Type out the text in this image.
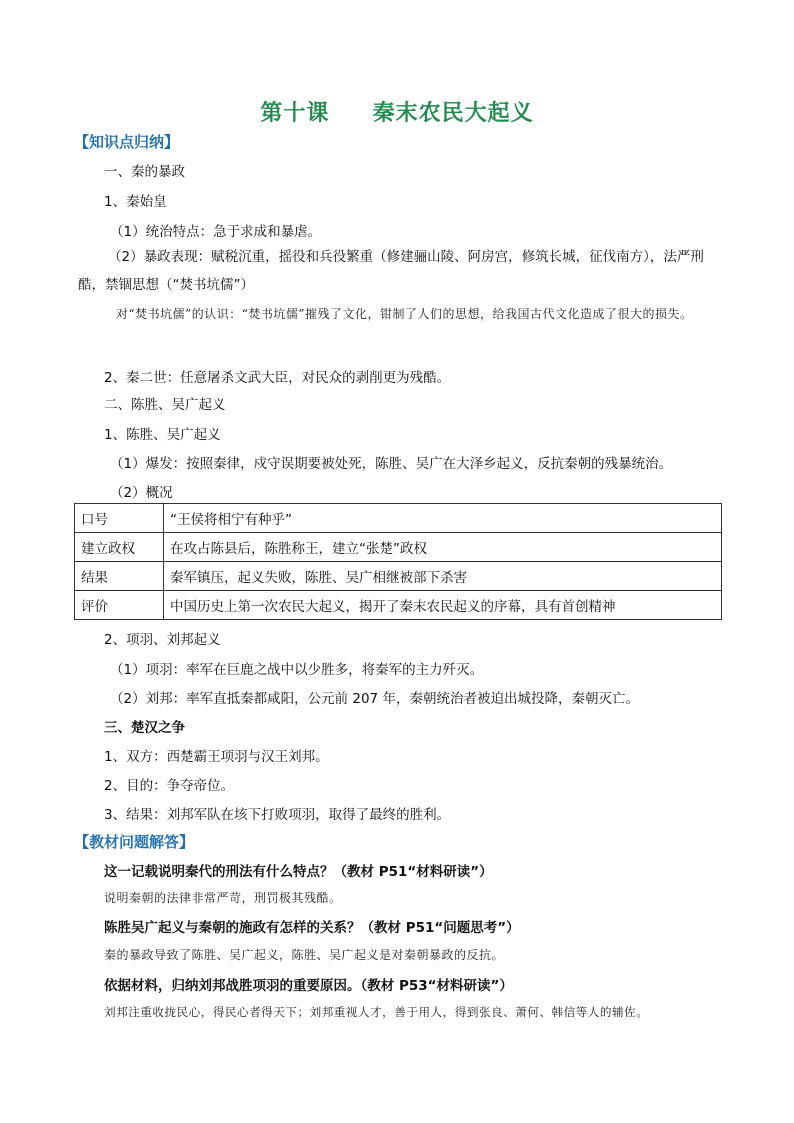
第十课     秦末农民大起义
【知识点归纳】
一、秦的暴政
1、秦始皇
（1）统治特点：急于求成和暴虐。
（2）暴政表现：赋税沉重，摇役和兵役繁重（修建骊山陵、阿房宫，修筑长城，征伐南方），法严刑酷，禁锢思想（“焚书坑儒”）
对“焚书坑儒”的认识：“焚书坑儒”摧残了文化，钳制了人们的思想，给我国古代文化造成了很大的损失。
2、秦二世：任意屠杀文武大臣，对民众的剥削更为残酷。
二、陈胜、吴广起义
1、陈胜、吴广起义
（1）爆发：按照秦律，戍守误期要被处死，陈胜、吴广在大泽乡起义，反抗秦朝的残暴统治。
（2）概况
口号	“王侯将相宁有种乎”
建立政权	在攻占陈县后，陈胜称王，建立“张楚”政权
结果	秦军镇压，起义失败，陈胜、吴广相继被部下杀害
评价	中国历史上第一次农民大起义，揭开了秦末农民起义的序幕，具有首创精神
2、项羽、刘邦起义
（1）项羽：率军在巨鹿之战中以少胜多，将秦军的主力歼灭。
（2）刘邦：率军直抵秦都咸阳，公元前 207 年，秦朝统治者被迫出城投降，秦朝灭亡。
三、楚汉之争
1、双方：西楚霸王项羽与汉王刘邦。
2、目的：争夺帝位。
3、结果：刘邦军队在垓下打败项羽，取得了最终的胜利。
【教材问题解答】
这一记载说明秦代的刑法有什么特点？（教材 P51“材料研读”）
说明秦朝的法律非常严苛，刑罚极其残酷。
陈胜吴广起义与秦朝的施政有怎样的关系？（教材 P51“问题思考”）
秦的暴政导致了陈胜、吴广起义，陈胜、吴广起义是对秦朝暴政的反抗。
依据材料，归纳刘邦战胜项羽的重要原因。（教材 P53“材料研读”）
刘邦注重收拢民心，得民心者得天下；刘邦重视人才，善于用人，得到张良、萧何、韩信等人的辅佐。
